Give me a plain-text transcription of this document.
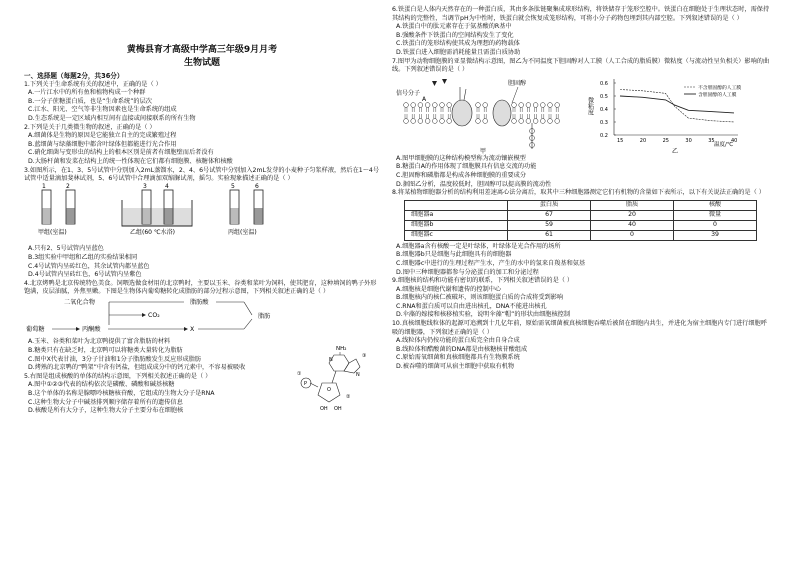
黄梅县育才高级中学高三年级9月月考
生物试题
一、选择题（每题2分，共36分）

1.下列关于生命系统有关的叙述中，正确的是（ ）

A.一片江水中的所有鱼和植物构成一个种群

B.一分子蔗糖蛋白质，也是“生命系统”的层次

C.江水、阳光、空气等非生物因素也是生命系统的组成

D.生态系统是一定区域内相互间有直接或间接联系的所有生物

2.下列是关于几类微生物的叙述，正确的是（ ）

A.细菌体是生物的原因是它能独立自主的完成繁殖过程

B.蓝细菌与绿藻细胞中都含叶绿体但都能进行光合作用

C.硝化细菌与变形虫的结构上的根本区别是前者有细胞壁而后者没有

D.大肠杆菌和发菜在结构上的统一性体现在它们都有细胞膜、核糖体和核酸

3.如图所示，在1、3、5号试管中分别加入2mL蒸馏水，2、4、6号试管中分别加入2mL发芽的小麦种子匀浆样液，然后在1～4号试管中适量滴加斐林试剂，5、6号试管中合理滴加双缩脲试剂，摇匀。实验现象描述正确的是（ ）

1	2
甲组(室温)
3	4
乙组(60 ℃水浴)
5	6
丙组(室温)

A.只有2、5号试管内呈蓝色

B.3组实验中甲组和乙组的实验结果相同

C.4号试管内呈砖红色，其余试管内都呈蓝色

D.4号试管内呈砖红色，6号试管内呈紫色

4.北京烤鸭是北京传统特色美食。饲喂选做食材用的北京鸭时，主要以玉米、谷类和菜叶为饲料，使其肥育，这种填饲的鸭子外形饱满，皮层油腻，外焦里嫩。下图是生物体内葡萄糖转化成脂肪的部分过程示意图，下列相关叙述正确的是（ ）

二氧化合物	脂肪酸
CO₂	脂肪
葡萄糖	丙酮酸	X

A.玉米、谷类和菜叶为北京鸭提供了富含脂肪的材料

B.糖类只有在缺乏时，北京鸭可以将糖类大量转化为脂肪

C.图中X代表甘油，3分子甘油和1分子脂肪酸发生反应形成脂肪

D.烤熟的北京鸭的“鸭架”中含有钙盐，但组成成分中的钙元素中，不容易被吸收

5.右图是组成核酸的单体的结构示意图，下列相关叙述正确的是（ ）

A.图中①②③代表的结构依次是磷酸、磷酸和碱基核糖

B.这个单体的名称是腺嘌呤核糖核苷酸，它组成的生物大分子是RNA

C.这种生物大分子中碱基排列顺序储存着所有的遗传信息

D.核酸是所有大分子，这种生物大分子主要分布在细胞核

NH₂
N
N
O
OH OH
P
①
②
③

6.铁蛋白是人体内天然存在的一种蛋白质，其由多条肽链聚集成球形结构，将铁储存于笼形空腔中。铁蛋白在细胞处于生理状态时，需保持其结构的完整性，当调节pH为中性时，铁蛋白就会恢复成笼形结构，可将小分子药物包埋到其内部空腔。下列叙述错误的是（ ）

A.铁蛋白中的肽元素存在于氨基酸的R基中

B.强酸条件下铁蛋白的空间结构发生了变化

C.铁蛋白的笼形结构使其成为理想的药物载体

D.铁蛋白进入细胞需消耗能量且需蛋白质协助

7.图甲为动物细胞膜的亚显微结构示意图，图乙为不同温度下胆固醇对人工膜（人工合成的脂质膜）微粘度（与流动性呈负相关）影响的曲线。下列叙述错误的是（ ）

信号分子
胆固醇
A
甲
微粘度
0.2
0.3
0.4
0.5
0.6
15	20	25	30	35	40
不含胆固醇的人工膜
含胆固醇的人工膜
温度/℃
乙

A.图甲细胞膜的这种结构模型称为流动镶嵌模型

B.糖蛋白A的作用体现了细胞膜具有信息交流的功能

C.胆固醇和磷脂都是构成各种细胞膜的重要成分

D.据图乙分析，温度较低时，胆固醇可以提高膜的流动性

8.将某植物细胞器分析的结构利用差速离心法分离后，取其中三种细胞器测定它们有机物的含量如下表所示，以下有关说法正确的是（ ）

	蛋白质	脂质	核酸
细胞器a	67	20	微量
细胞器b	59	40	0
细胞器c	61	0	39

A.细胞器a含有核酸一定是叶绿体，叶绿体是光合作用的场所

B.细胞器b只是细胞与此细胞具有的细胞器

C.细胞器c中进行的生理过程产生水，产生的水中的氢来自羧基和氨基

D.图中三种细胞器都参与分泌蛋白的加工和分泌过程

9.细胞核的结构和功能有密切的联系，下列相关叙述错误的是（ ）

A.细胞核是细胞代谢和遗传的控制中心

B.细胞核内的核仁被破坏，则该细胞蛋白质的合成将受到影响

C.RNA和蛋白质可以自由进出核孔，DNA不能进出核孔

D.伞藻的嫁接和核移植实验，说明伞藻“帽”的形状由细胞核控制

10.真核细胞线粒体的起源可追溯到十几亿年前，原始需氧细菌被真核细胞吞噬后被留在细胞内共生，并进化为宿主细胞内专门进行细胞呼吸的细胞器，下列叙述正确的是（ ）

A.线粒体内仍按功能的蛋白质完全由自身合成

B.线粒体和醋酸菌的DNA都是由核糖核苷酸组成

C.原始需氧细菌和真核细胞都具有生物膜系统

D.被吞噬的细菌可从宿主细胞中获取有机物
